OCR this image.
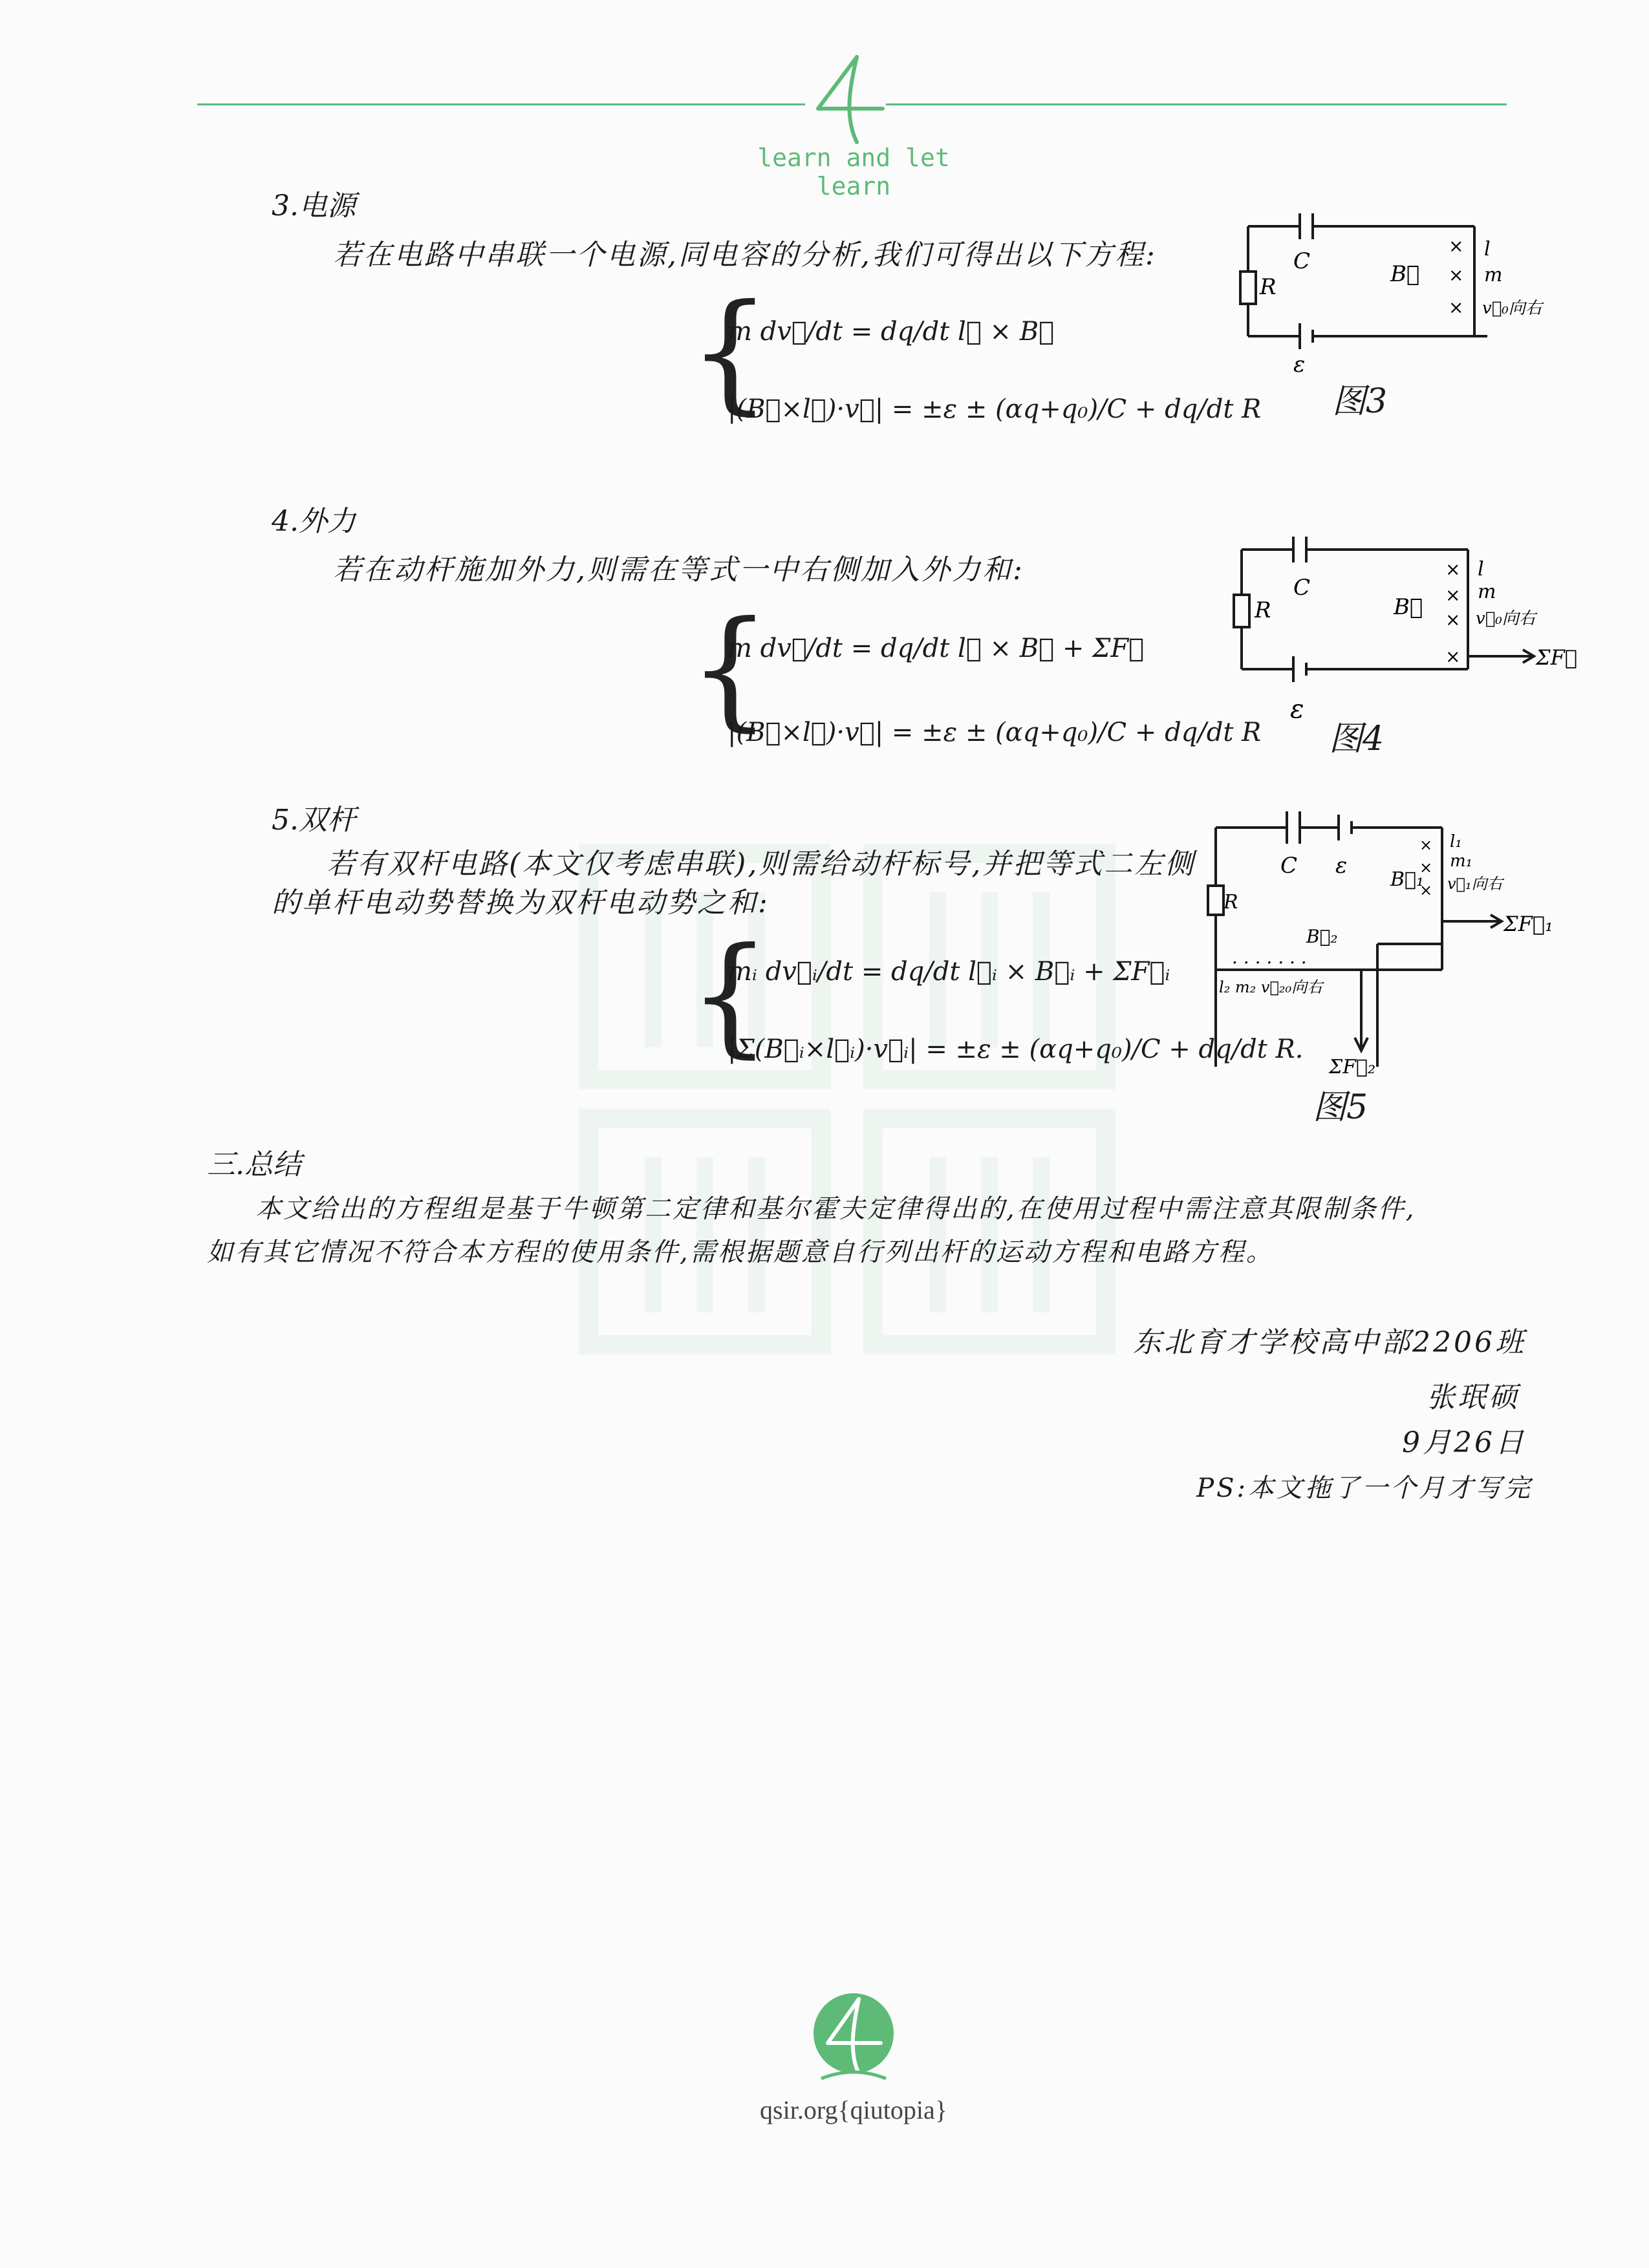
learn and let learn
3.电源
若在电路中串联一个电源,同电容的分析,我们可得出以下方程:
{
m dv⃗/dt = dq/dt l⃗ × B⃗
|(B⃗×l⃗)·v⃗| = ±ε ± (αq+q₀)/C + dq/dt R
R
C
ε
B⃗
×
×
×
l
m
v⃗₀向右
图3
4.外力
若在动杆施加外力,则需在等式一中右侧加入外力和:
{
m dv⃗/dt = dq/dt l⃗ × B⃗ + ΣF⃗
|(B⃗×l⃗)·v⃗| = ±ε ± (αq+q₀)/C + dq/dt R
R
C
ε
B⃗
×
×
×
×
l
m
v⃗₀向右
ΣF⃗
图4
5.双杆
若有双杆电路(本文仅考虑串联),则需给动杆标号,并把等式二左侧
的单杆电动势替换为双杆电动势之和:
{
mᵢ dv⃗ᵢ/dt = dq/dt l⃗ᵢ × B⃗ᵢ + ΣF⃗ᵢ
|Σ(B⃗ᵢ×l⃗ᵢ)·v⃗ᵢ| = ±ε ± (αq+q₀)/C + dq/dt R.
R
C ε
B⃗₁
×
×
×
l₁
m₁
v⃗₁向右
ΣF⃗₁
B⃗₂
. . . . . . .
l₂ m₂ v⃗₂₀向右
ΣF⃗₂
图5
三.总结
本文给出的方程组是基于牛顿第二定律和基尔霍夫定律得出的,在使用过程中需注意其限制条件,
如有其它情况不符合本方程的使用条件,需根据题意自行列出杆的运动方程和电路方程。
东北育才学校高中部2206班
张珉硕
9月26日
PS:本文拖了一个月才写完
qsir.org{qiutopia}
